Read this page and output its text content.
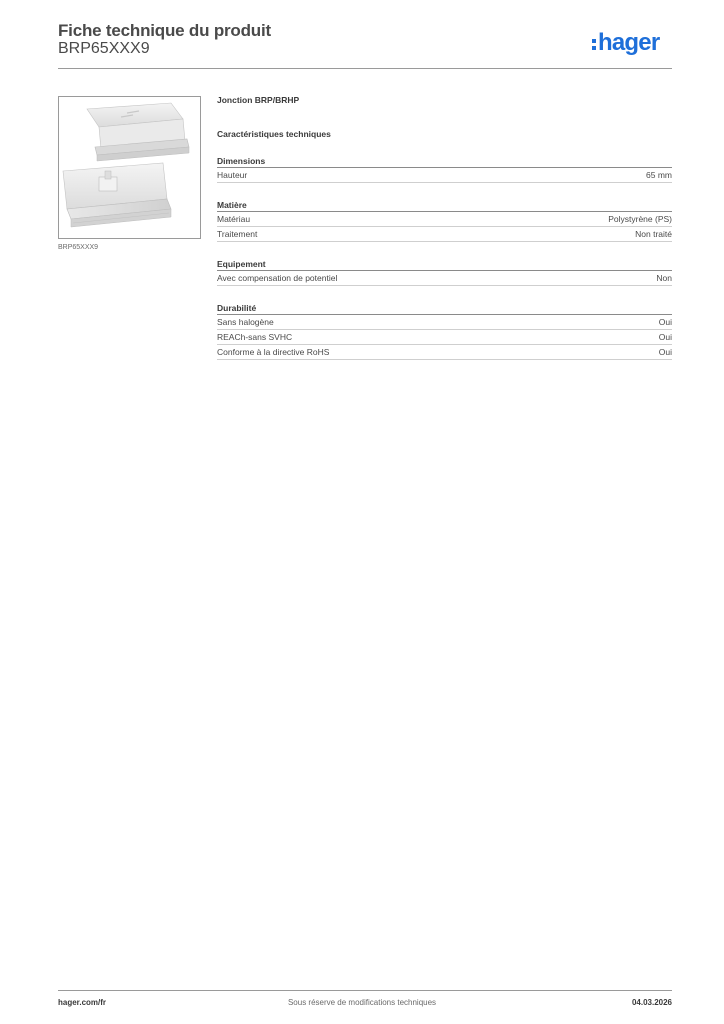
Fiche technique du produit
BRP65XXX9	hager
BRP65XXX9
Jonction BRP/BRHP
Caractéristiques techniques
Dimensions
Hauteur	65 mm
Matière
Matériau	Polystyrène (PS)
Traitement	Non traité
Equipement
Avec compensation de potentiel	Non
Durabilité
Sans halogène	Oui
REACh-sans SVHC	Oui
Conforme à la directive RoHS	Oui
hager.com/fr	Sous réserve de modifications techniques	04.03.2026
